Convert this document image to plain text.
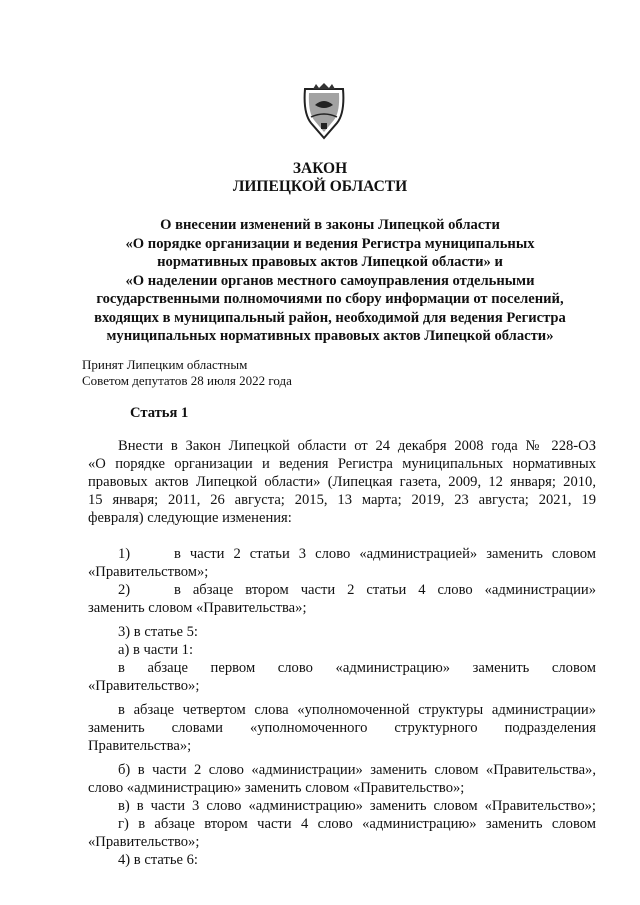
ЗАКОН
ЛИПЕЦКОЙ ОБЛАСТИ
О внесении изменений в законы Липецкой области
«О порядке организации и ведения Регистра муниципальных
нормативных правовых актов Липецкой области» и
«О наделении органов местного самоуправления отдельными
государственными полномочиями по сбору информации от поселений,
входящих в муниципальный район, необходимой для ведения Регистра
муниципальных нормативных правовых актов Липецкой области»
Принят Липецким областным
Советом депутатов 28 июля 2022 года
Статья 1
Внести в Закон Липецкой области от 24 декабря 2008 года № 228-ОЗ
«О порядке организации и ведения Регистра муниципальных нормативных
правовых актов Липецкой области» (Липецкая газета, 2009, 12 января; 2010,
15 января; 2011, 26 августа; 2015, 13 марта; 2019, 23 августа; 2021, 19
февраля) следующие изменения:
1)	в части 2 статьи 3 слово «администрацией» заменить словом
«Правительством»;
2)	в абзаце втором части 2 статьи 4 слово «администрации»
заменить словом «Правительства»;
3) в статье 5:
а) в части 1:
в абзаце первом слово «администрацию» заменить словом
«Правительство»;
в абзаце четвертом слова «уполномоченной структуры администрации»
заменить словами «уполномоченного структурного подразделения
Правительства»;
б) в части 2 слово «администрации» заменить словом «Правительства»,
слово «администрацию» заменить словом «Правительство»;
в) в части 3 слово «администрацию» заменить словом «Правительство»;
г) в абзаце втором части 4 слово «администрацию» заменить словом
«Правительство»;
4) в статье 6:
